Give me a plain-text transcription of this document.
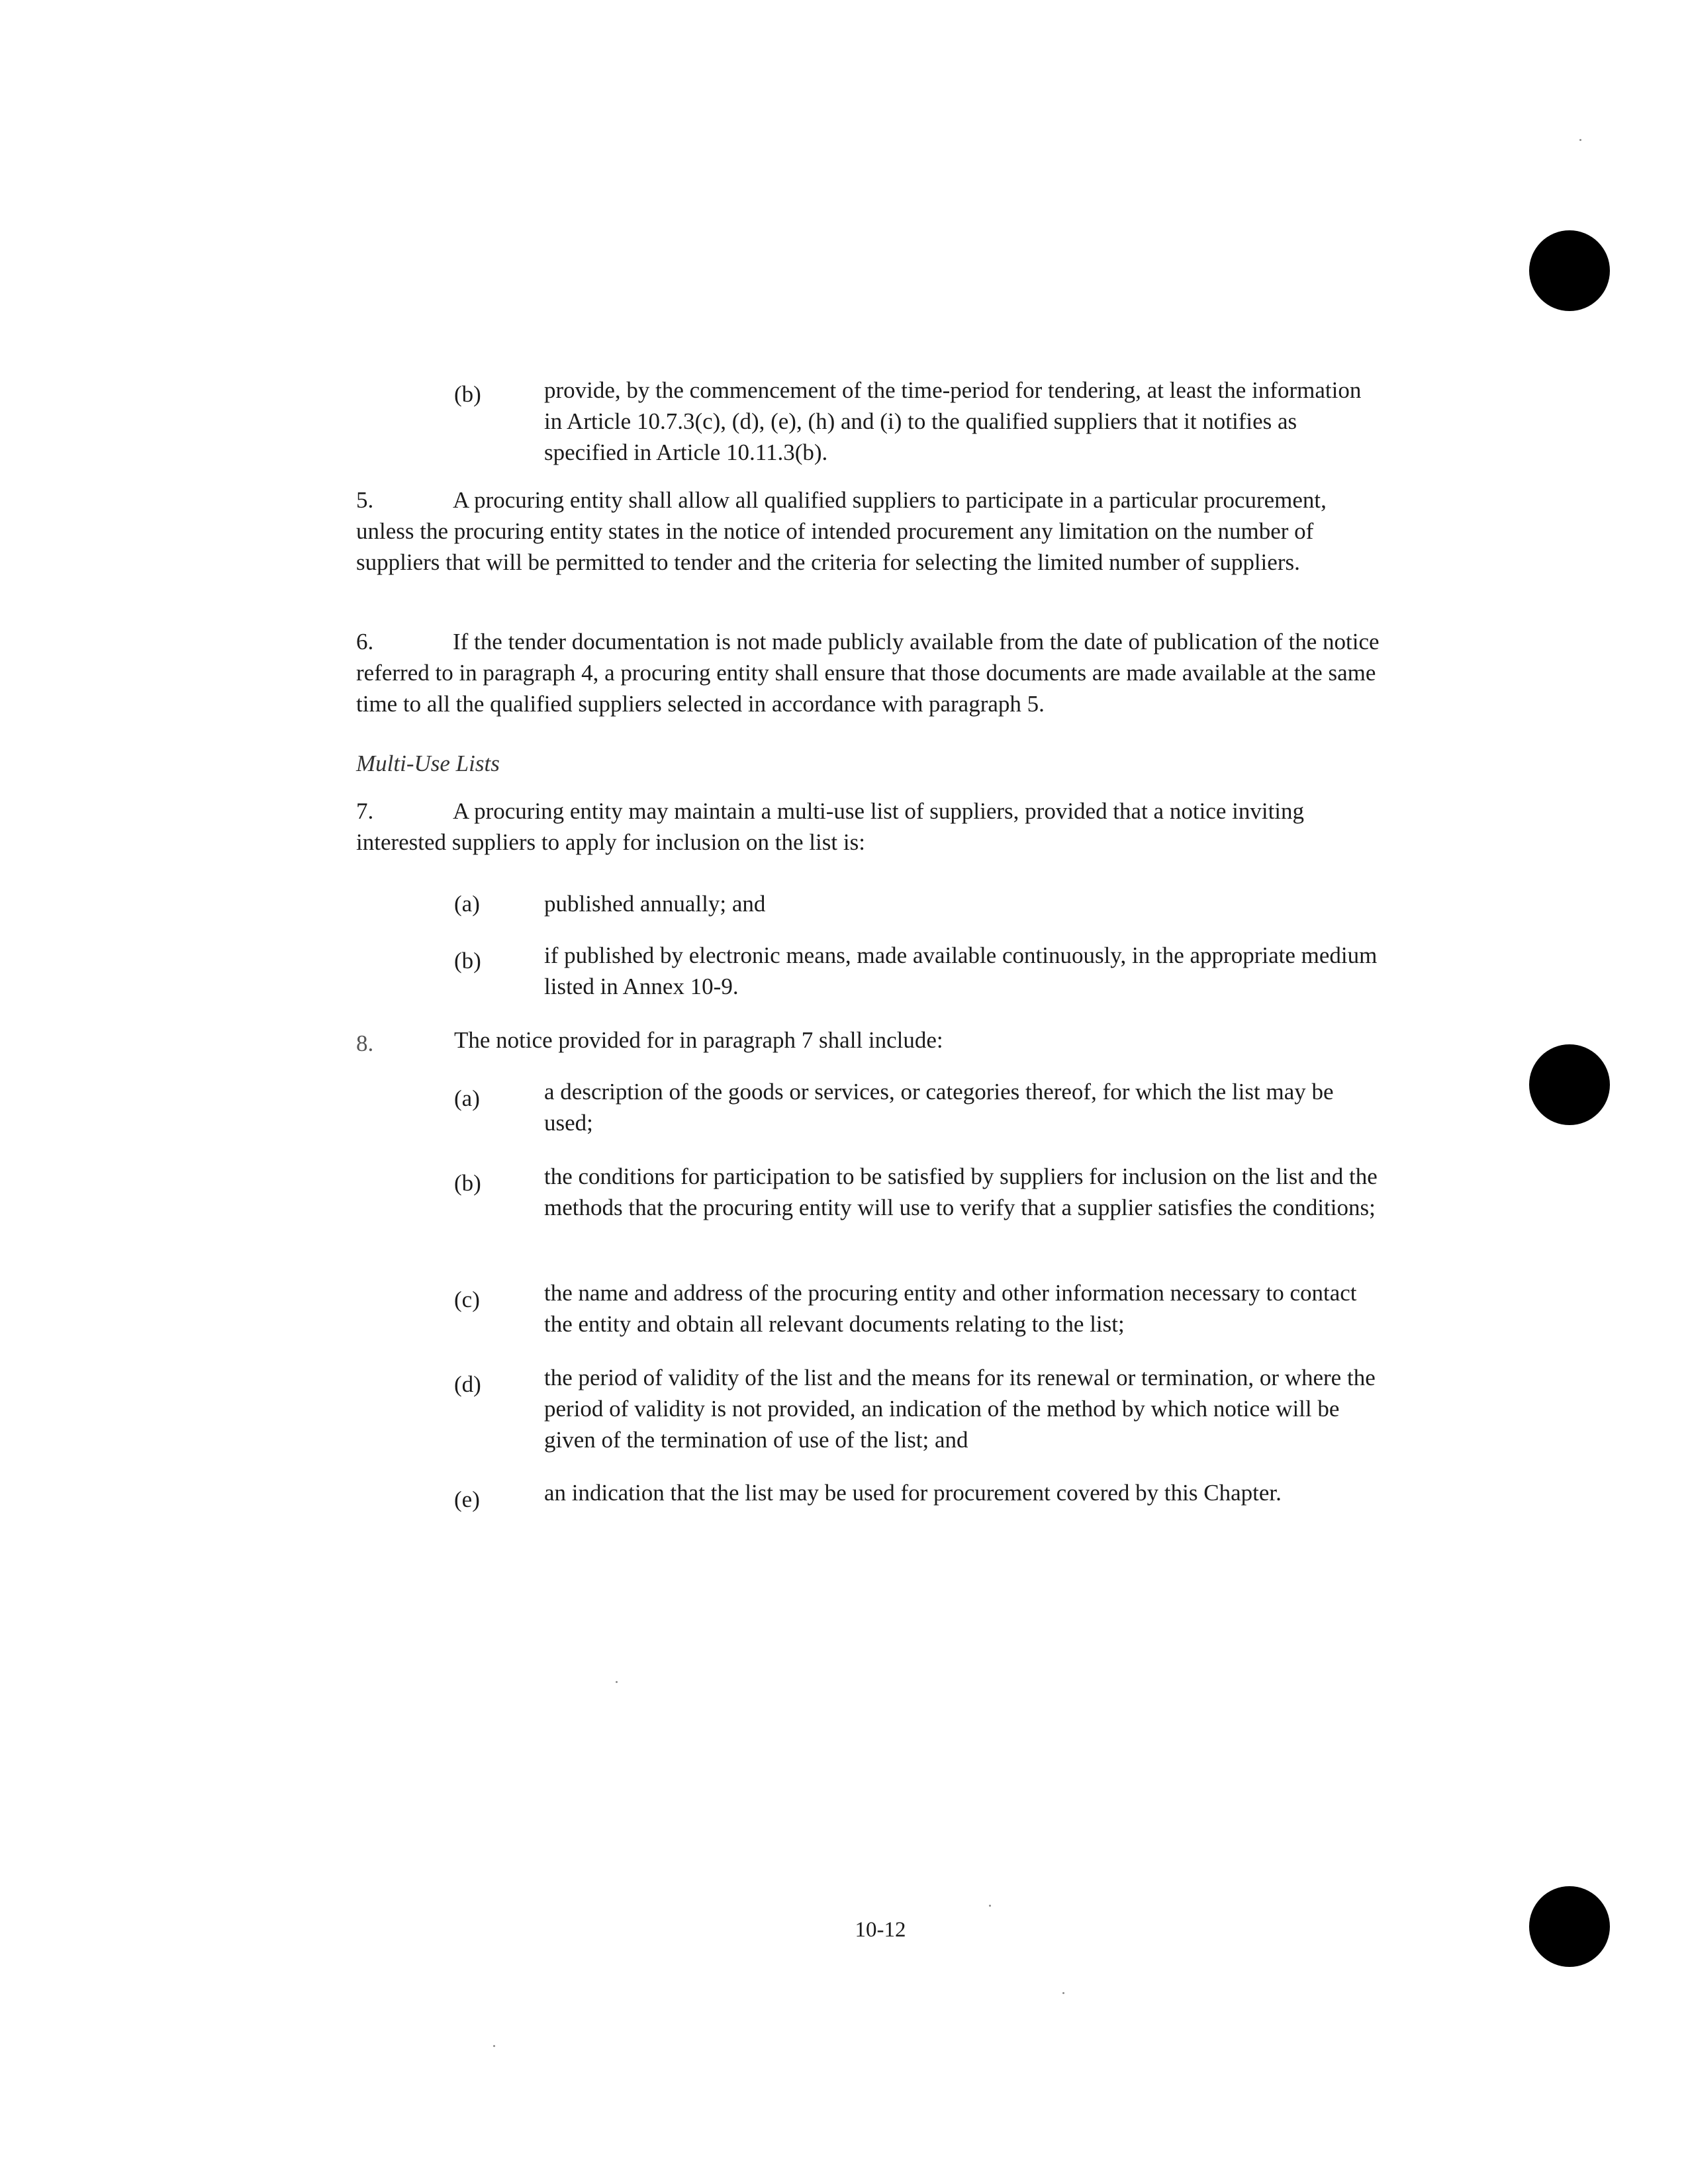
(b)	provide, by the commencement of the time-period for tendering, at least the information in Article 10.7.3(c), (d), (e), (h) and (i) to the qualified suppliers that it notifies as specified in Article 10.11.3(b).
5.	A procuring entity shall allow all qualified suppliers to participate in a particular procurement, unless the procuring entity states in the notice of intended procurement any limitation on the number of suppliers that will be permitted to tender and the criteria for selecting the limited number of suppliers.
6.	If the tender documentation is not made publicly available from the date of publication of the notice referred to in paragraph 4, a procuring entity shall ensure that those documents are made available at the same time to all the qualified suppliers selected in accordance with paragraph 5.
Multi-Use Lists
7.	A procuring entity may maintain a multi-use list of suppliers, provided that a notice inviting interested suppliers to apply for inclusion on the list is:
(a)	published annually; and
(b)	if published by electronic means, made available continuously, in the appropriate medium listed in Annex 10-9.
8.	The notice provided for in paragraph 7 shall include:
(a)	a description of the goods or services, or categories thereof, for which the list may be used;
(b)	the conditions for participation to be satisfied by suppliers for inclusion on the list and the methods that the procuring entity will use to verify that a supplier satisfies the conditions;
(c)	the name and address of the procuring entity and other information necessary to contact the entity and obtain all relevant documents relating to the list;
(d)	the period of validity of the list and the means for its renewal or termination, or where the period of validity is not provided, an indication of the method by which notice will be given of the termination of use of the list; and
(e)	an indication that the list may be used for procurement covered by this Chapter.
10-12
